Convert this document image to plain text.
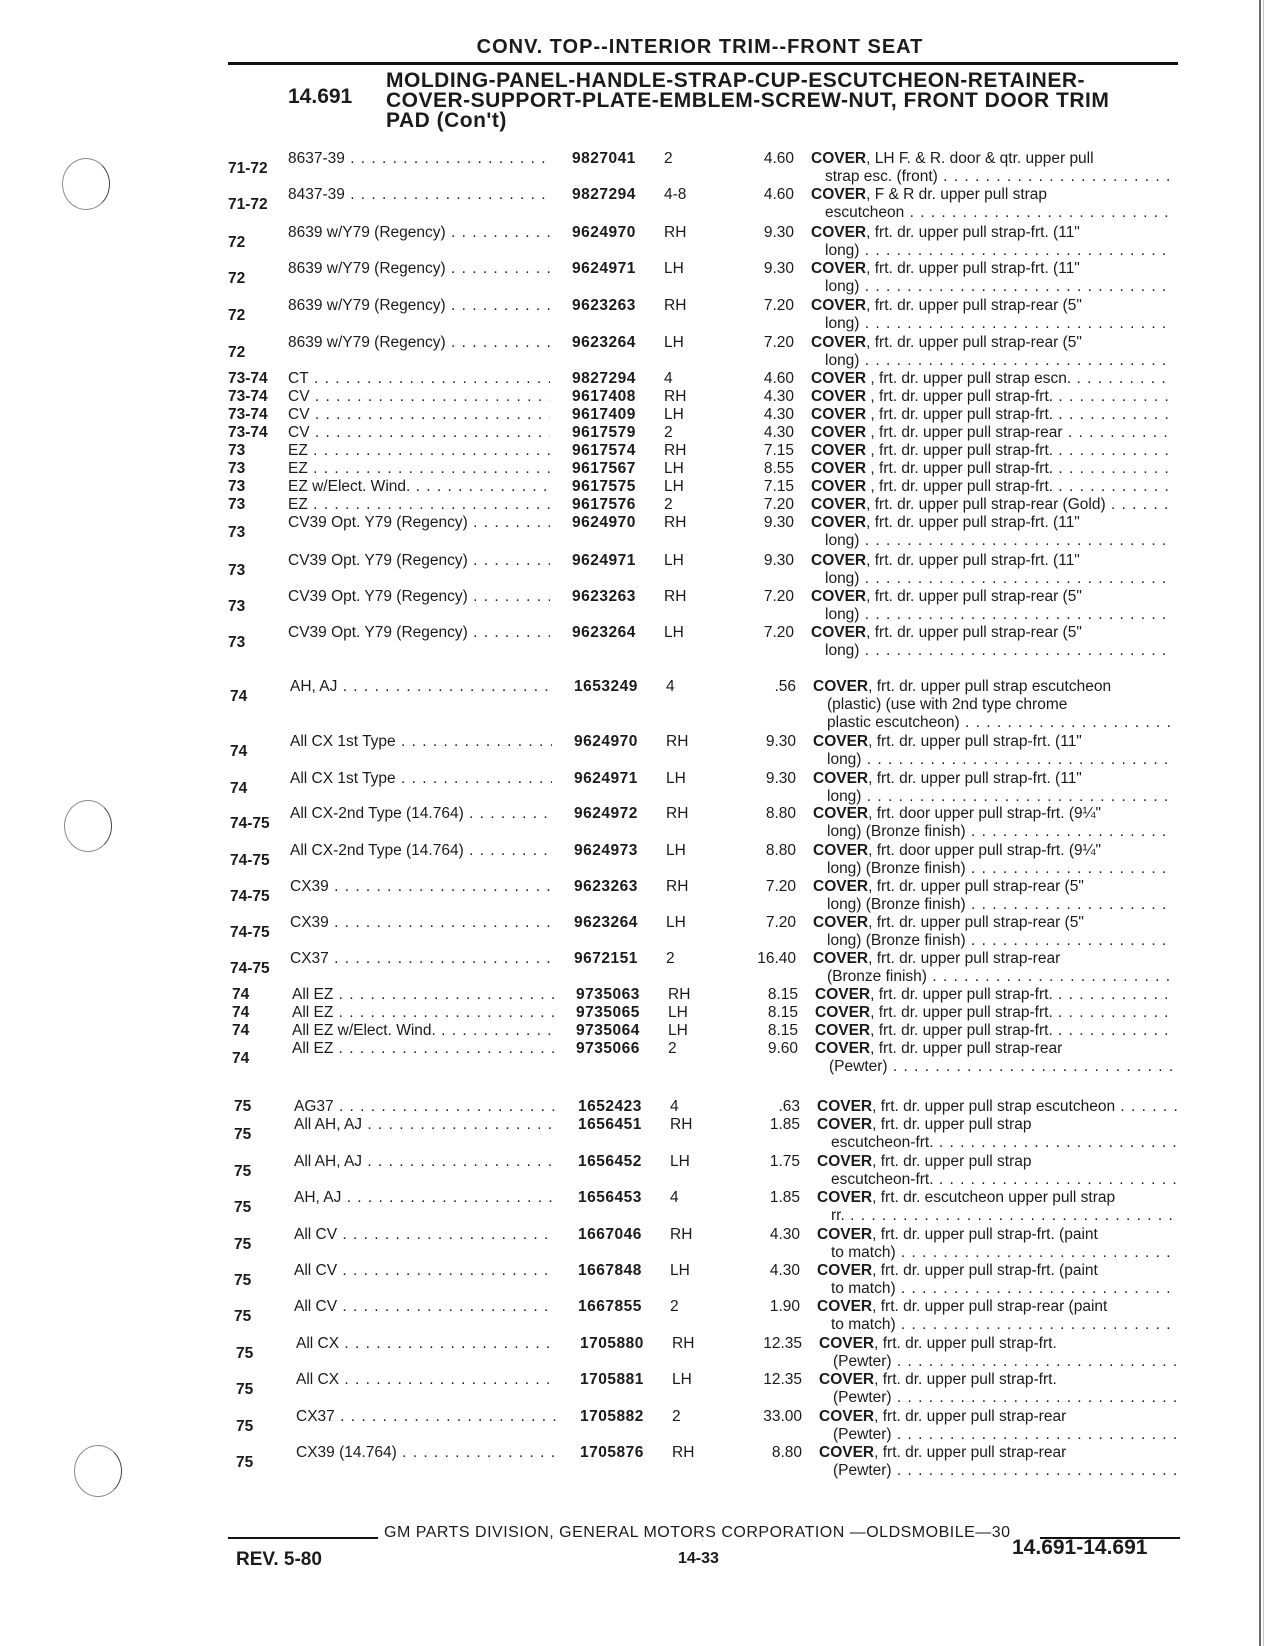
CONV. TOP--INTERIOR TRIM--FRONT SEAT
14.691
MOLDING-PANEL-HANDLE-STRAP-CUP-ESCUTCHEON-RETAINER-
COVER-SUPPORT-PLATE-EMBLEM-SCREW-NUT, FRONT DOOR TRIM
PAD (Con't)
71-72
8637-39 . . .	9827041 2	4.60 COVER, LH F. & R. door & qtr. upper pull
strap esc. (front) . . .
71-72
8437-39 . . .	9827294 4-8	4.60 COVER, F & R dr. upper pull strap
escutcheon . . .
72
8639 w/Y79 (Regency) . . .	9624970 RH	9.30 COVER, frt. dr. upper pull strap-frt. (11"
long) . . .
72
8639 w/Y79 (Regency) . . .	9624971 LH	9.30 COVER, frt. dr. upper pull strap-frt. (11"
long) . . .
72
8639 w/Y79 (Regency) . . .	9623263 RH	7.20 COVER, frt. dr. upper pull strap-rear (5"
long) . . .
72
8639 w/Y79 (Regency) . . .	9623264 LH	7.20 COVER, frt. dr. upper pull strap-rear (5"
long) . . .
73-74 CT . . .	9827294 4	4.60 COVER , frt. dr. upper pull strap escn. . . .
73-74 CV . . .	9617408 RH	4.30 COVER , frt. dr. upper pull strap-frt. . . .
73-74 CV . . .	9617409 LH	4.30 COVER , frt. dr. upper pull strap-frt. . . .
73-74 CV . . .	9617579 2	4.30 COVER , frt. dr. upper pull strap-rear . . .
73	EZ . . .	9617574 RH	7.15 COVER , frt. dr. upper pull strap-frt. . . .
73	EZ . . .	9617567 LH	8.55 COVER , frt. dr. upper pull strap-frt. . . .
73	EZ w/Elect. Wind. . . .	9617575 LH	7.15 COVER , frt. dr. upper pull strap-frt. . . .
73	EZ . . .	9617576 2	7.20 COVER, frt. dr. upper pull strap-rear (Gold) . . .
73
CV39 Opt. Y79 (Regency) . . .	9624970 RH	9.30 COVER, frt. dr. upper pull strap-frt. (11"
long) . . .
73
CV39 Opt. Y79 (Regency) . . .	9624971 LH	9.30 COVER, frt. dr. upper pull strap-frt. (11"
long) . . .
73
CV39 Opt. Y79 (Regency) . . .	9623263 RH	7.20 COVER, frt. dr. upper pull strap-rear (5"
long) . . .
73
CV39 Opt. Y79 (Regency) . . .	9623264 LH	7.20 COVER, frt. dr. upper pull strap-rear (5"
long) . . .
74
AH, AJ . . .	1653249 4	.56 COVER, frt. dr. upper pull strap escutcheon
(plastic) (use with 2nd type chrome
plastic escutcheon) . . .
74
All CX 1st Type . . .	9624970 RH	9.30 COVER, frt. dr. upper pull strap-frt. (11"
long) . . .
74
All CX 1st Type . . .	9624971 LH	9.30 COVER, frt. dr. upper pull strap-frt. (11"
long) . . .
74-75
All CX-2nd Type (14.764) . . .	9624972 RH	8.80 COVER, frt. door upper pull strap-frt. (9¼"
long) (Bronze finish) . . .
74-75
All CX-2nd Type (14.764) . . .	9624973 LH	8.80 COVER, frt. door upper pull strap-frt. (9¼"
long) (Bronze finish) . . .
74-75
CX39 . . .	9623263 RH	7.20 COVER, frt. dr. upper pull strap-rear (5"
long) (Bronze finish) . . .
74-75
CX39 . . .	9623264 LH	7.20 COVER, frt. dr. upper pull strap-rear (5"
long) (Bronze finish) . . .
74-75
CX37 . . .	9672151 2	16.40 COVER, frt. dr. upper pull strap-rear
(Bronze finish) . . .
74	All EZ . . .	9735063 RH	8.15 COVER, frt. dr. upper pull strap-frt. . . .
74	All EZ . . .	9735065 LH	8.15 COVER, frt. dr. upper pull strap-frt. . . .
74	All EZ w/Elect. Wind. . . .	9735064 LH	8.15 COVER, frt. dr. upper pull strap-frt. . . .
74
All EZ . . .	9735066 2	9.60 COVER, frt. dr. upper pull strap-rear
(Pewter) . . .
75	AG37 . . .	1652423 4	.63 COVER, frt. dr. upper pull strap escutcheon . . .
75
All AH, AJ . . .	1656451 RH	1.85 COVER, frt. dr. upper pull strap
escutcheon-frt. . . .
75
All AH, AJ . . .	1656452 LH	1.75 COVER, frt. dr. upper pull strap
escutcheon-frt. . . .
75
AH, AJ . . .	1656453 4	1.85 COVER, frt. dr. escutcheon upper pull strap
rr. . . .
75
All CV . . .	1667046 RH	4.30 COVER, frt. dr. upper pull strap-frt. (paint
to match) . . .
75
All CV . . .	1667848 LH	4.30 COVER, frt. dr. upper pull strap-frt. (paint
to match) . . .
75
All CV . . .	1667855 2	1.90 COVER, frt. dr. upper pull strap-rear (paint
to match) . . .
75
All CX . . .	1705880 RH	12.35 COVER, frt. dr. upper pull strap-frt.
(Pewter) . . .
75
All CX . . .	1705881 LH	12.35 COVER, frt. dr. upper pull strap-frt.
(Pewter) . . .
75
CX37 . . .	1705882 2	33.00 COVER, frt. dr. upper pull strap-rear
(Pewter) . . .
75
CX39 (14.764) . . .	1705876 RH	8.80 COVER, frt. dr. upper pull strap-rear
(Pewter) . . .
GM PARTS DIVISION, GENERAL MOTORS CORPORATION —OLDSMOBILE—30
REV. 5-80	14-33	14.691-14.691
